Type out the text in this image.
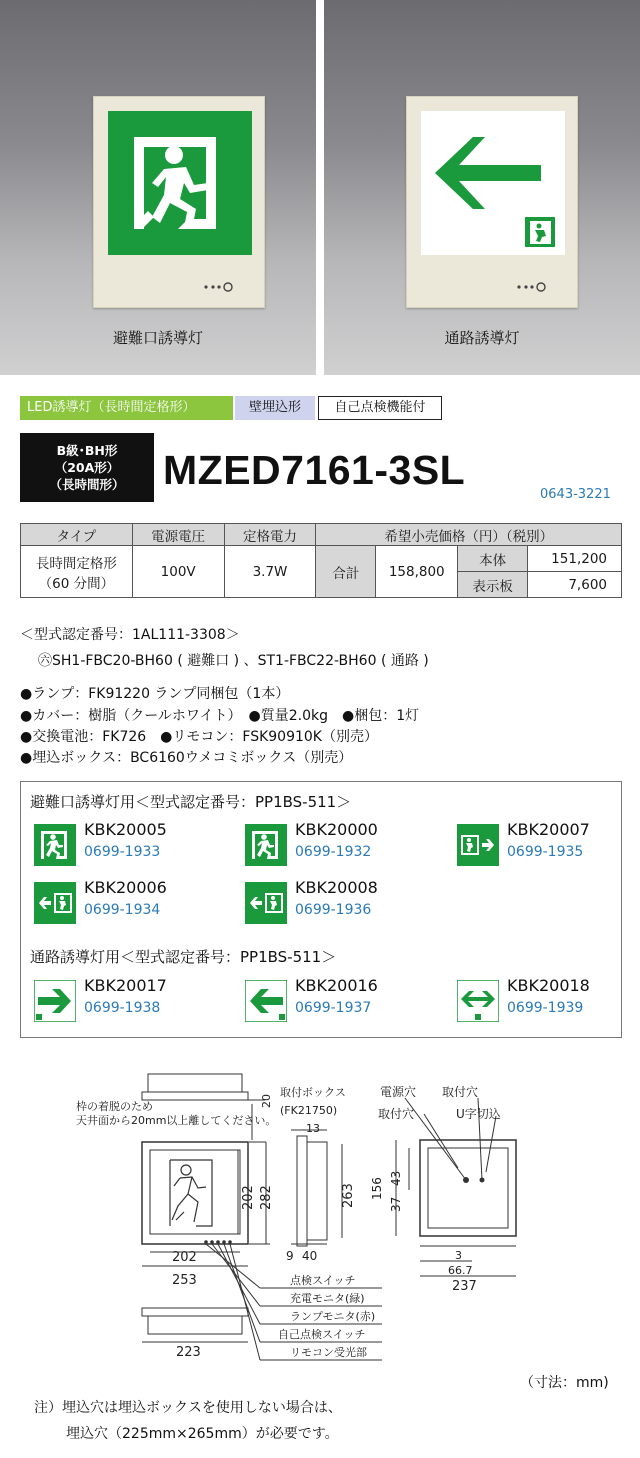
避難口誘導灯	通路誘導灯
LED誘導灯（長時間定格形）	壁埋込形	自己点検機能付
B級･BH形
（20A形）
（長時間形） MZED7161-3SL
0643-3221
タイプ	電源電圧	定格電力	希望小売価格（円）（税別）			

長時間定格形
（60 分間）	100V	3.7W	合計	158,800	本体	151,200
					表示板	7,600
＜型式認定番号：1AL111-3308＞
㊅SH1-FBC20-BH60 ( 避難口 ) 、ST1-FBC22-BH60 ( 通路 )
●ランプ：FK91220 ランプ同梱包（1本）
●カバー：樹脂（クールホワイト）　●質量2.0kg　●梱包：1灯
●交換電池：FK726　●リモコン：FSK90910K（別売）
●埋込ボックス：BC6160ウメコミボックス（別売）
避難口誘導灯用＜型式認定番号：PP1BS-511＞
KBK20005
0699-1933
KBK20000
0699-1932
KBK20007
0699-1935
KBK20006
0699-1934
KBK20008
0699-1936
通路誘導灯用＜型式認定番号：PP1BS-511＞
KBK20017
0699-1938
KBK20016
0699-1937
KBK20018
0699-1939
枠の着脱のため
天井面から20mm以上離してください。
20
202 282
202
253
223
取付ボックス
(FK21750)
13
263
9 40
電源穴 取付穴
取付穴	U字切込
43
156
37
3
66.7
237
点検スイッチ
充電モニタ(緑)
ランプモニタ(赤)
自己点検スイッチ
リモコン受光部
（寸法：mm)
注）埋込穴は埋込ボックスを使用しない場合は、
埋込穴（225mm×265mm）が必要です。
